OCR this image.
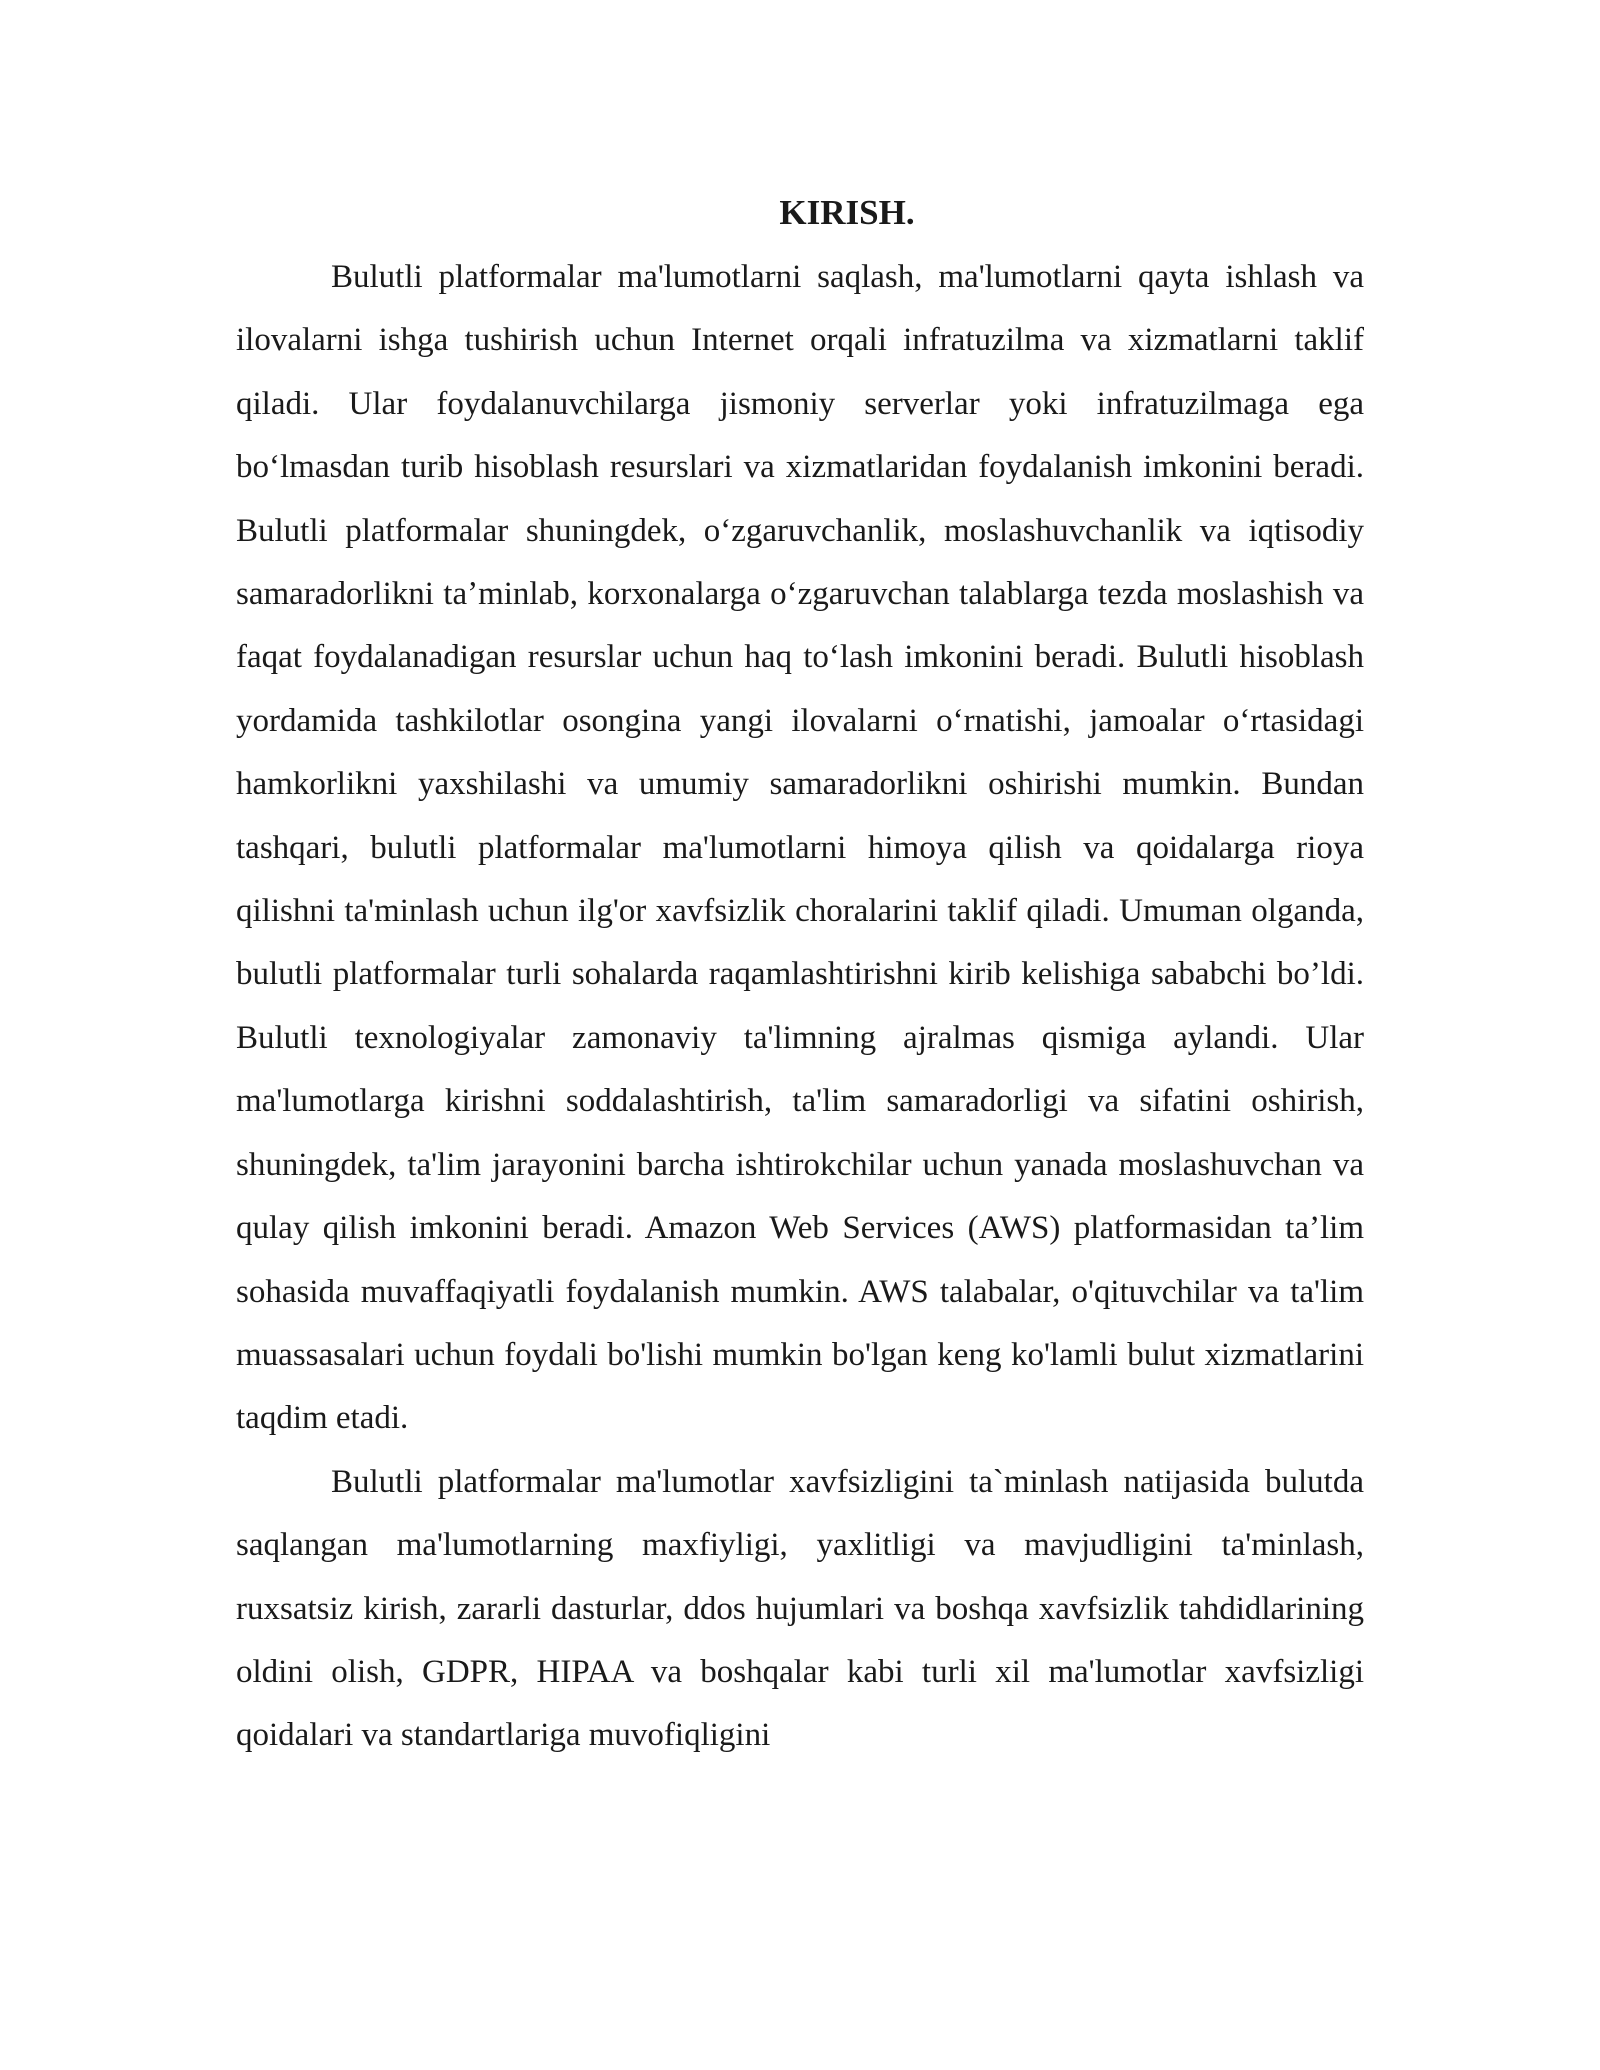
KIRISH.

Bulutli platformalar ma'lumotlarni saqlash, ma'lumotlarni qayta ishlash va ilovalarni ishga tushirish uchun Internet orqali infratuzilma va xizmatlarni taklif qiladi. Ular foydalanuvchilarga jismoniy serverlar yoki infratuzilmaga ega boʻlmasdan turib hisoblash resurslari va xizmatlaridan foydalanish imkonini beradi. Bulutli platformalar shuningdek, oʻzgaruvchanlik, moslashuvchanlik va iqtisodiy samaradorlikni taʼminlab, korxonalarga oʻzgaruvchan talablarga tezda moslashish va faqat foydalanadigan resurslar uchun haq toʻlash imkonini beradi. Bulutli hisoblash yordamida tashkilotlar osongina yangi ilovalarni oʻrnatishi, jamoalar oʻrtasidagi hamkorlikni yaxshilashi va umumiy samaradorlikni oshirishi mumkin. Bundan tashqari, bulutli platformalar ma'lumotlarni himoya qilish va qoidalarga rioya qilishni ta'minlash uchun ilg'or xavfsizlik choralarini taklif qiladi. Umuman olganda, bulutli platformalar turli sohalarda raqamlashtirishni kirib kelishiga sababchi bo’ldi. Bulutli texnologiyalar zamonaviy ta'limning ajralmas qismiga aylandi. Ular ma'lumotlarga kirishni soddalashtirish, ta'lim samaradorligi va sifatini oshirish, shuningdek, ta'lim jarayonini barcha ishtirokchilar uchun yanada moslashuvchan va qulay qilish imkonini beradi. Amazon Web Services (AWS) platformasidan ta’lim sohasida muvaffaqiyatli foydalanish mumkin. AWS talabalar, o'qituvchilar va ta'lim muassasalari uchun foydali bo'lishi mumkin bo'lgan keng ko'lamli bulut xizmatlarini taqdim etadi.

Bulutli platformalar ma'lumotlar xavfsizligini ta`minlash natijasida bulutda saqlangan ma'lumotlarning maxfiyligi, yaxlitligi va mavjudligini ta'minlash, ruxsatsiz kirish, zararli dasturlar, ddos hujumlari va boshqa xavfsizlik tahdidlarining oldini olish, GDPR, HIPAA va boshqalar kabi turli xil ma'lumotlar xavfsizligi qoidalari va standartlariga muvofiqligini
